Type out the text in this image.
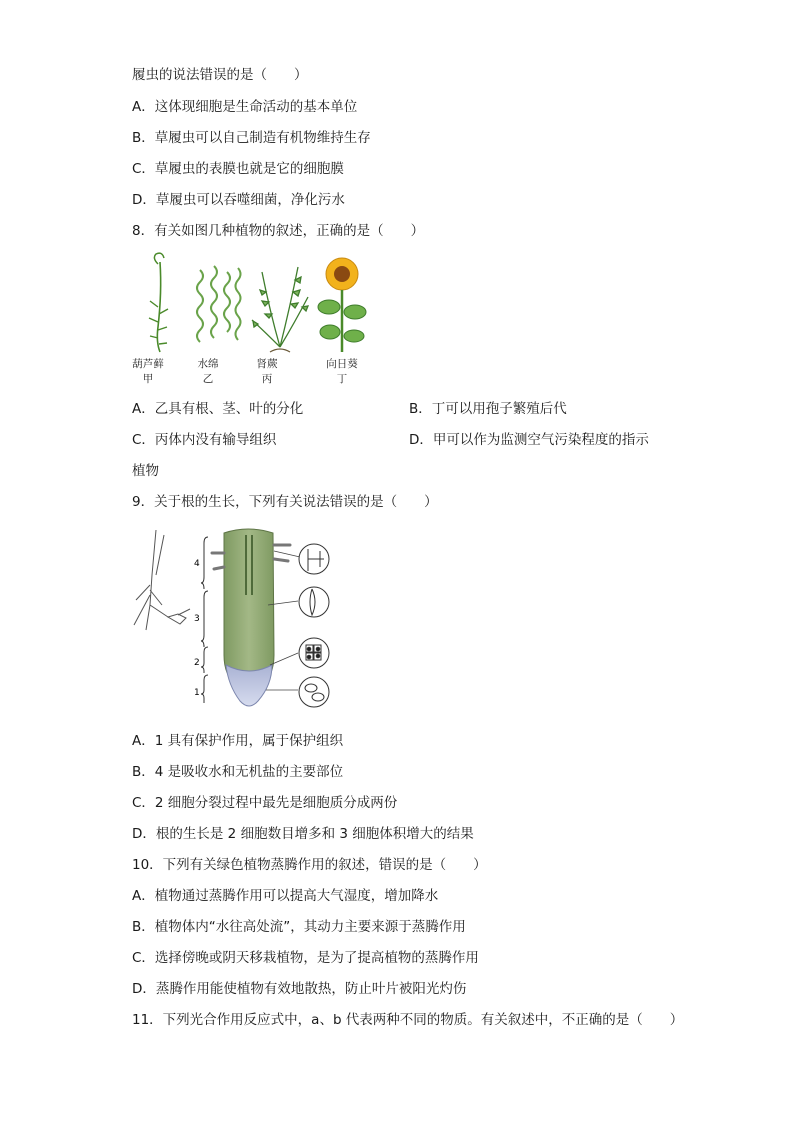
履虫的说法错误的是（　　）
A．这体现细胞是生命活动的基本单位
B．草履虫可以自己制造有机物维持生存
C．草履虫的表膜也就是它的细胞膜
D．草履虫可以吞噬细菌，净化污水
8．有关如图几种植物的叙述，正确的是（　　）
葫芦藓
甲
水绵
乙
肾蕨
丙
向日葵
丁
A．乙具有根、茎、叶的分化	B．丁可以用孢子繁殖后代
C．丙体内没有输导组织	D．甲可以作为监测空气污染程度的指示
植物
9．关于根的生长，下列有关说法错误的是（　　）
4
3
2
1
A．1 具有保护作用，属于保护组织
B．4 是吸收水和无机盐的主要部位
C．2 细胞分裂过程中最先是细胞质分成两份
D．根的生长是 2 细胞数目增多和 3 细胞体积增大的结果
10．下列有关绿色植物蒸腾作用的叙述，错误的是（　　）
A．植物通过蒸腾作用可以提高大气湿度，增加降水
B．植物体内“水往高处流”，其动力主要来源于蒸腾作用
C．选择傍晚或阴天移栽植物，是为了提高植物的蒸腾作用
D．蒸腾作用能使植物有效地散热，防止叶片被阳光灼伤
11．下列光合作用反应式中，a、b 代表两种不同的物质。有关叙述中，不正确的是（　　）
